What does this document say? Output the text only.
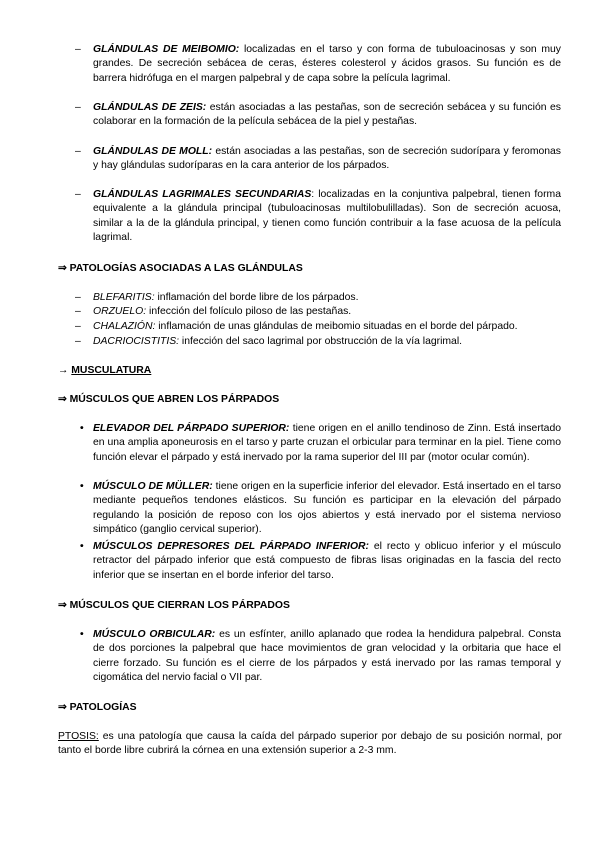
– GLÁNDULAS DE MEIBOMIO: localizadas en el tarso y con forma de tubuloacinosas y son muy grandes. De secreción sebácea de ceras, ésteres colesterol y ácidos grasos. Su función es de barrera hidrófuga en el margen palpebral y de capa sobre la película lagrimal.
– GLÁNDULAS DE ZEIS: están asociadas a las pestañas, son de secreción sebácea y su función es colaborar en la formación de la película sebácea de la piel y pestañas.
– GLÁNDULAS DE MOLL: están asociadas a las pestañas, son de secreción sudorípara y feromonas y hay glándulas sudoríparas en la cara anterior de los párpados.
– GLÁNDULAS LAGRIMALES SECUNDARIAS: localizadas en la conjuntiva palpebral, tienen forma equivalente a la glándula principal (tubuloacinosas multilobulilladas). Son de secreción acuosa, similar a la de la glándula principal, y tienen como función contribuir a la fase acuosa de la película lagrimal.
⇒ PATOLOGÍAS ASOCIADAS A LAS GLÁNDULAS
– BLEFARITIS: inflamación del borde libre de los párpados.
– ORZUELO: infección del folículo piloso de las pestañas.
– CHALAZIÓN: inflamación de unas glándulas de meibomio situadas en el borde del párpado.
– DACRIOCISTITIS: infección del saco lagrimal por obstrucción de la vía lagrimal.
→ MUSCULATURA
⇒ MÚSCULOS QUE ABREN LOS PÁRPADOS
• ELEVADOR DEL PÁRPADO SUPERIOR: tiene origen en el anillo tendinoso de Zinn. Está insertado en una amplia aponeurosis en el tarso y parte cruzan el orbicular para terminar en la piel. Tiene como función elevar el párpado y está inervado por la rama superior del III par (motor ocular común).
• MÚSCULO DE MÜLLER: tiene origen en la superficie inferior del elevador. Está insertado en el tarso mediante pequeños tendones elásticos. Su función es participar en la elevación del párpado regulando la posición de reposo con los ojos abiertos y está inervado por el sistema nervioso simpático (ganglio cervical superior).
• MÚSCULOS DEPRESORES DEL PÁRPADO INFERIOR: el recto y oblicuo inferior y el músculo retractor del párpado inferior que está compuesto de fibras lisas originadas en la fascia del recto inferior que se insertan en el borde inferior del tarso.
⇒ MÚSCULOS QUE CIERRAN LOS PÁRPADOS
• MÚSCULO ORBICULAR: es un esfínter, anillo aplanado que rodea la hendidura palpebral. Consta de dos porciones la palpebral que hace movimientos de gran velocidad y la orbitaria que hace el cierre forzado. Su función es el cierre de los párpados y está inervado por las ramas temporal y cigomática del nervio facial o VII par.
⇒ PATOLOGÍAS
PTOSIS: es una patología que causa la caída del párpado superior por debajo de su posición normal, por tanto el borde libre cubrirá la córnea en una extensión superior a 2-3 mm.
